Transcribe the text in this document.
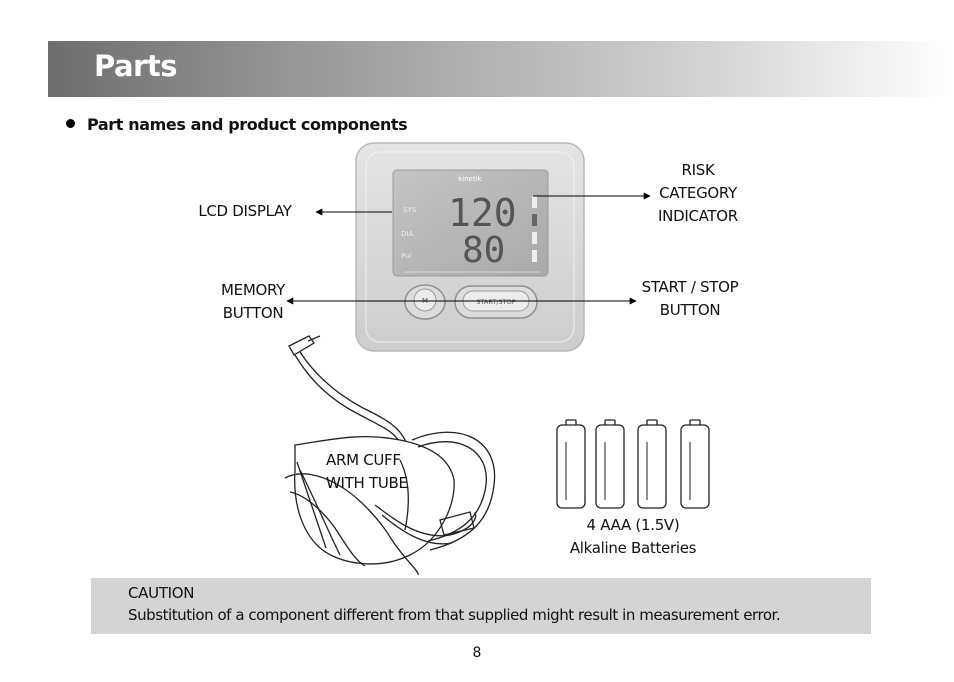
Parts
Part names and product components
kinetik
SYS
DIA
Pul
120
80
M	START/STOP
LCD DISPLAY
RISK
CATEGORY
INDICATOR
MEMORY
BUTTON
START / STOP
BUTTON
ARM CUFF
WITH TUBE
4 AAA (1.5V)
Alkaline Batteries
CAUTION
Substitution of a component different from that supplied might result in measurement error.
8
